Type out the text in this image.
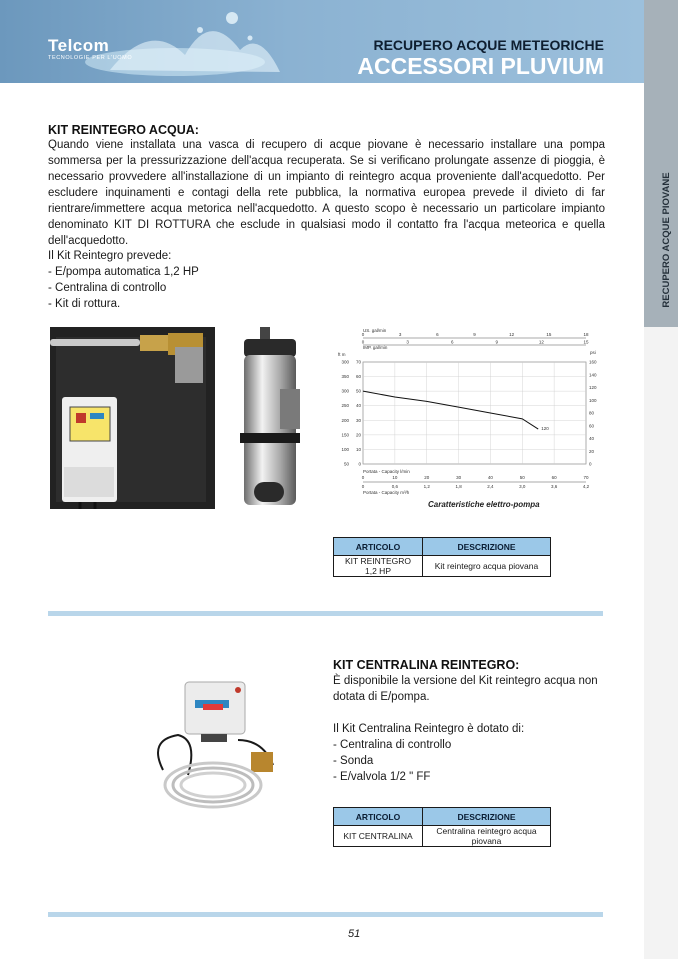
Telcom
TECNOLOGIE PER L'UOMO
RECUPERO ACQUE METEORICHE
ACCESSORI PLUVIUM
RECUPERO ACQUE PIOVANE
KIT REINTEGRO ACQUA:

Quando viene installata una vasca di recupero di acque piovane è necessario installare una pompa sommersa per la pressurizzazione dell'acqua recuperata. Se si verificano prolungate assenze di pioggia, è necessario provvedere all'installazione di un impianto di reintegro acqua proveniente dall'acquedotto. Per escludere inquinamenti e contagi della rete pubblica, la normativa europea prevede il divieto di far rientrare/immettere acqua metorica nell'acquedotto. A questo scopo è necessario un particolare impianto denominato KIT DI ROTTURA che esclude in qualsiasi modo il contatto fra l'acqua meteorica e quella dell'acquedotto.

Il Kit Reintegro prevede:
- E/pompa automatica 1,2 HP
- Centralina di controllo
- Kit di rottura.
US. gal/min
IMP. gal/min
ft m	psi
0	3	6	9	12	15	18
0	3	6	9	12	15
70
60
50
40
30
20
10
0
300
350
300
250
200
150
100
50
160
140
120
100
80
60
40
20
0
0	10	20	30	40	50	60	70
0	0,6	1,2	1,8	2,4	3,0	3,6	4,2
120
Portata - Capacity l/min
Portata - Capacity m³/h
Caratteristiche elettro-pompa
ARTICOLO	DESCRIZIONE
KIT REINTEGRO 1,2 HP	Kit reintegro acqua piovana
KIT CENTRALINA REINTEGRO:

È disponibile la versione del Kit reintegro acqua non dotata di E/pompa.

Il Kit Centralina Reintegro è dotato di:
- Centralina di controllo
- Sonda
- E/valvola 1/2 " FF
ARTICOLO	DESCRIZIONE
KIT CENTRALINA	Centralina reintegro acqua piovana
51
